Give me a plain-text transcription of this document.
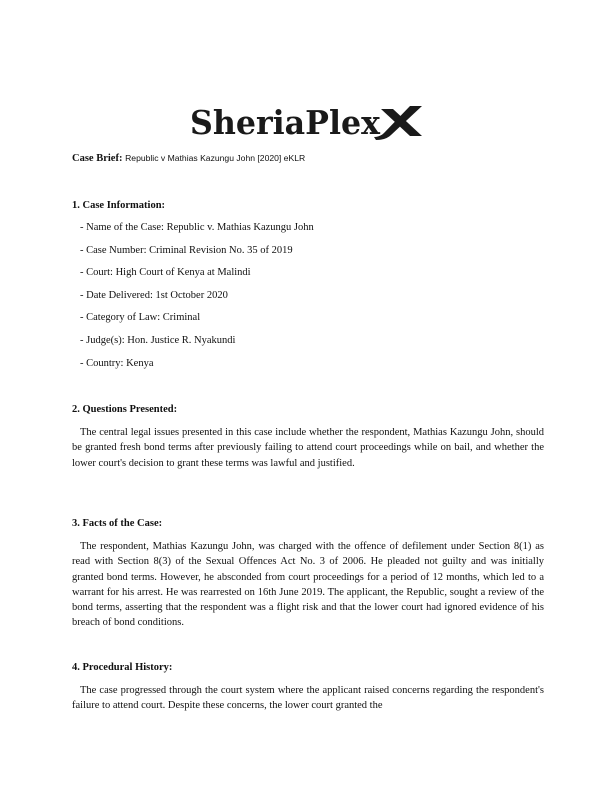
SheriaPlex
Case Brief: Republic v Mathias Kazungu John [2020] eKLR
1. Case Information:
- Name of the Case: Republic v. Mathias Kazungu John
- Case Number: Criminal Revision No. 35 of 2019
- Court: High Court of Kenya at Malindi
- Date Delivered: 1st October 2020
- Category of Law: Criminal
- Judge(s): Hon. Justice R. Nyakundi
- Country: Kenya
2. Questions Presented:

The central legal issues presented in this case include whether the respondent, Mathias Kazungu John, should be granted fresh bond terms after previously failing to attend court proceedings while on bail, and whether the lower court's decision to grant these terms was lawful and justified.

3. Facts of the Case:

The respondent, Mathias Kazungu John, was charged with the offence of defilement under Section 8(1) as read with Section 8(3) of the Sexual Offences Act No. 3 of 2006. He pleaded not guilty and was initially granted bond terms. However, he absconded from court proceedings for a period of 12 months, which led to a warrant for his arrest. He was rearrested on 16th June 2019. The applicant, the Republic, sought a review of the bond terms, asserting that the respondent was a flight risk and that the lower court had ignored evidence of his breach of bond conditions.

4. Procedural History:

The case progressed through the court system where the applicant raised concerns regarding the respondent's failure to attend court. Despite these concerns, the lower court granted the
